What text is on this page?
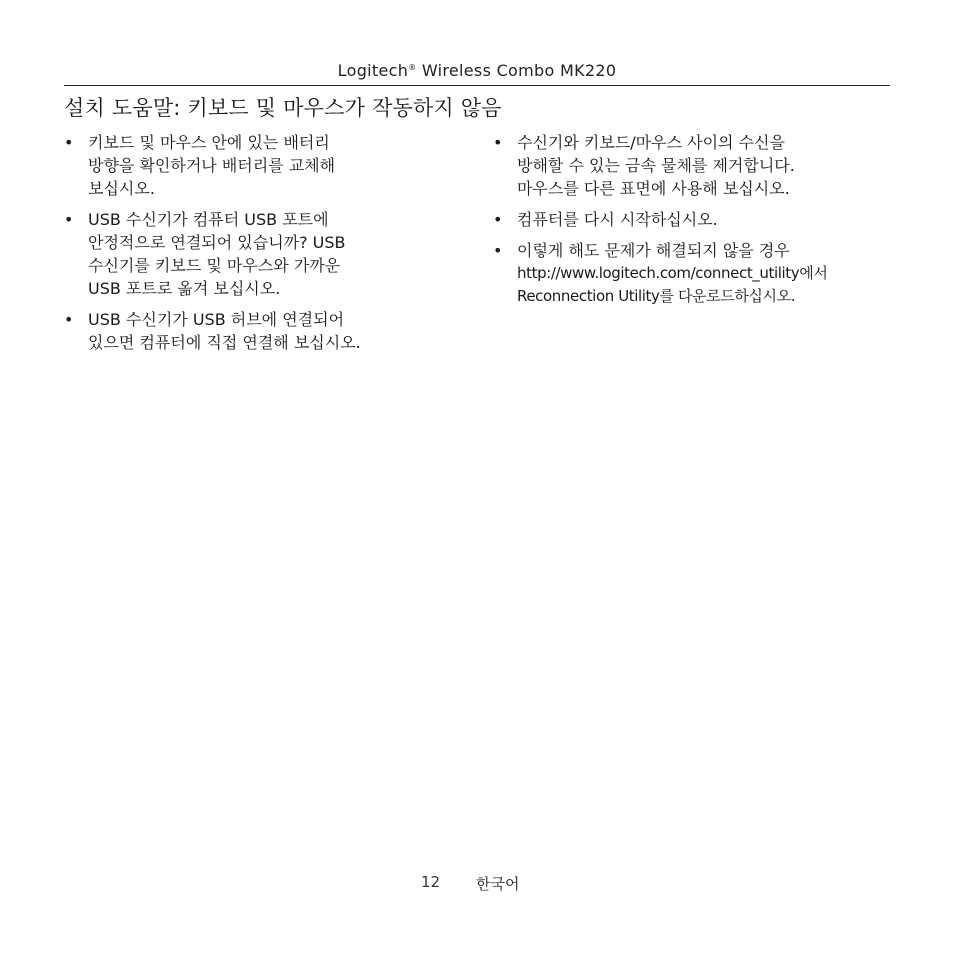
Logitech® Wireless Combo MK220
설치 도움말: 키보드 및 마우스가 작동하지 않음
• 키보드 및 마우스 안에 있는 배터리
방향을 확인하거나 배터리를 교체해
보십시오.
• USB 수신기가 컴퓨터 USB 포트에
안정적으로 연결되어 있습니까? USB
수신기를 키보드 및 마우스와 가까운
USB 포트로 옮겨 보십시오.
• USB 수신기가 USB 허브에 연결되어
있으면 컴퓨터에 직접 연결해 보십시오.
• 수신기와 키보드/마우스 사이의 수신을
방해할 수 있는 금속 물체를 제거합니다.
마우스를 다른 표면에 사용해 보십시오.
• 컴퓨터를 다시 시작하십시오.
• 이렇게 해도 문제가 해결되지 않을 경우
http://www.logitech.com/connect_utility에서
Reconnection Utility를 다운로드하십시오.
12 한국어
